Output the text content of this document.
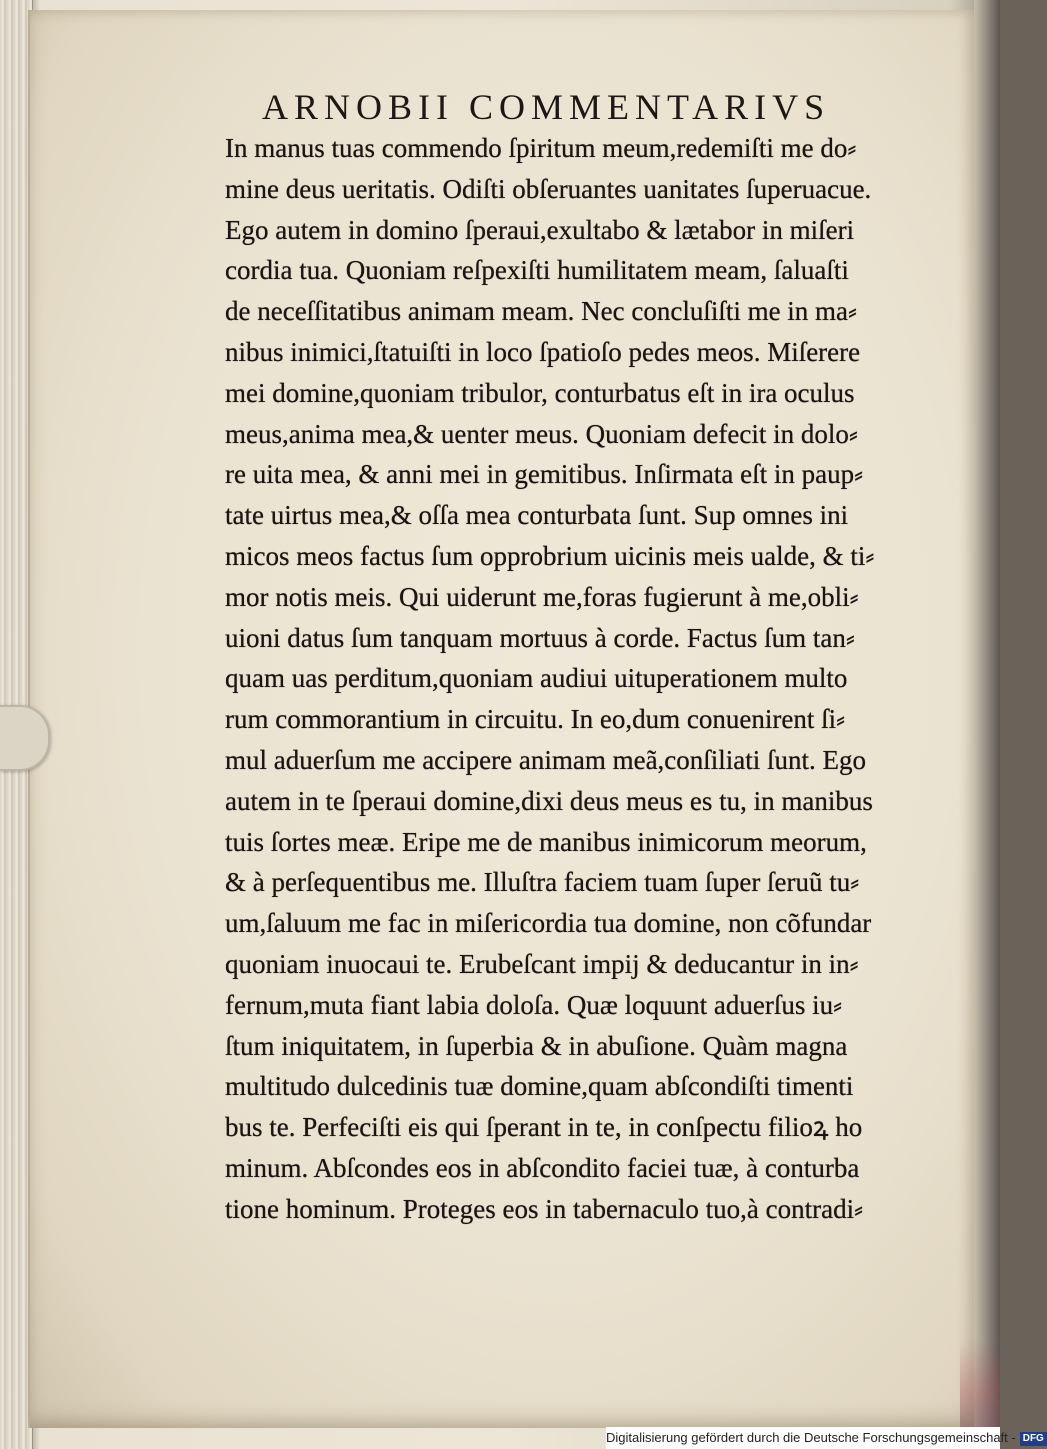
ARNOBII COMMENTARIVS
In manus tuas commendo ſpiritum meum,redemiſti me do⸗
mine deus ueritatis. Odiſti obſeruantes uanitates ſuperuacue.
Ego autem in domino ſperaui,exultabo & lætabor in miſeri
cordia tua. Quoniam reſpexiſti humilitatem meam, ſaluaſti
de neceſſitatibus animam meam. Nec concluſiſti me in ma⸗
nibus inimici,ſtatuiſti in loco ſpatioſo pedes meos. Miſerere
mei domine,quoniam tribulor, conturbatus eſt in ira oculus
meus,anima mea,& uenter meus. Quoniam defecit in dolo⸗
re uita mea, & anni mei in gemitibus. Inſirmata eſt in paup⸗
tate uirtus mea,& oſſa mea conturbata ſunt. Sup omnes ini
micos meos factus ſum opprobrium uicinis meis ualde, & ti⸗
mor notis meis. Qui uiderunt me,foras fugierunt à me,obli⸗
uioni datus ſum tanquam mortuus à corde. Factus ſum tan⸗
quam uas perditum,quoniam audiui uituperationem multo
rum commorantium in circuitu. In eo,dum conuenirent ſi⸗
mul aduerſum me accipere animam meã,conſiliati ſunt. Ego
autem in te ſperaui domine,dixi deus meus es tu, in manibus
tuis ſortes meæ. Eripe me de manibus inimicorum meorum,
& à perſequentibus me. Illuſtra faciem tuam ſuper ſeruũ tu⸗
um,ſaluum me fac in miſericordia tua domine, non cõfundar
quoniam inuocaui te. Erubeſcant impij & deducantur in in⸗
fernum,muta fiant labia doloſa. Quæ loquunt aduerſus iu⸗
ſtum iniquitatem, in ſuperbia & in abuſione. Quàm magna
multitudo dulcedinis tuæ domine,quam abſcondiſti timenti
bus te. Perfeciſti eis qui ſperant in te, in conſpectu filioꝝ ho
minum. Abſcondes eos in abſcondito faciei tuæ, à conturba
tione hominum. Proteges eos in tabernaculo tuo,à contradi⸗
Digitalisierung gefördert durch die Deutsche Forschungsgemeinschaft - DFG
